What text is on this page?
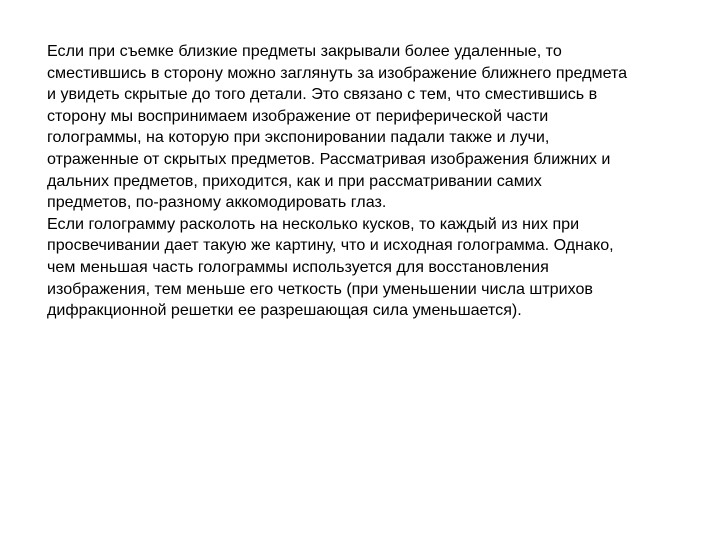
Если при съемке близкие предметы закрывали более удаленные, то
сместившись в сторону можно заглянуть за изображение ближнего предмета
и увидеть скрытые до того детали. Это связано с тем, что сместившись в
сторону мы воспринимаем изображение от периферической части
голограммы, на которую при экспонировании падали также и лучи,
отраженные от скрытых предметов. Рассматривая изображения ближних и
дальних предметов, приходится, как и при рассматривании самих
предметов, по-разному аккомодировать глаз.
Если голограмму расколоть на несколько кусков, то каждый из них при
просвечивании дает такую же картину, что и исходная голограмма. Однако,
чем меньшая часть голограммы используется для восстановления
изображения, тем меньше его четкость (при уменьшении числа штрихов
дифракционной решетки ее разрешающая сила уменьшается).
